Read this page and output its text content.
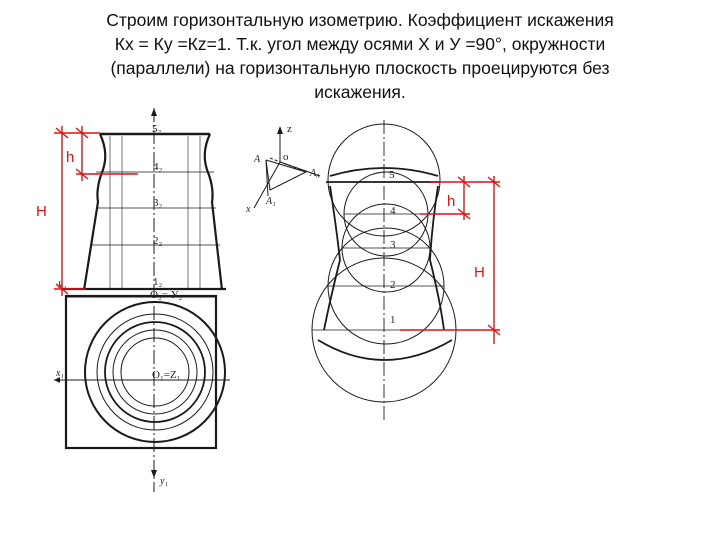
Строим горизонтальную изометрию. Коэффициент искажения
Кх = Ку =Кz=1. Т.к. угол между осями Х и У =90°, окружности
(параллели) на горизонтальную плоскость проецируются без
искажения.
5₂
4₂
3₂
2₂
1₂
O₂= У₂
O₁=Z₁
x₁
y₁
k₂
z
o
A
A₀
A₁
x
5
4
3
2
1
h
H
h
H
